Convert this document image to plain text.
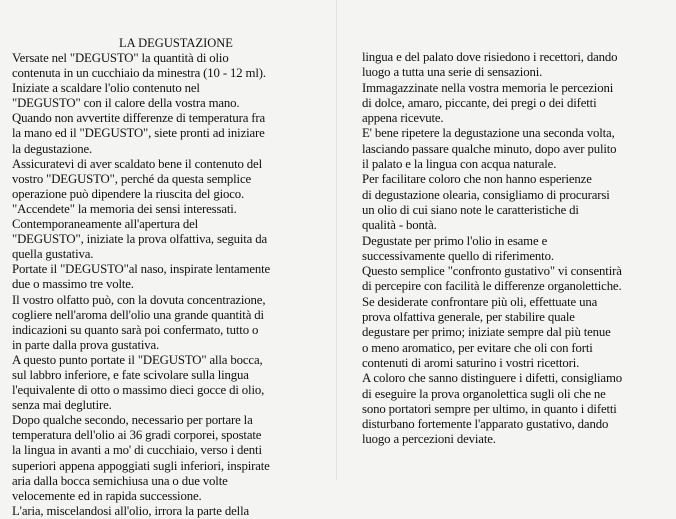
LA DEGUSTAZIONE
Versate nel "DEGUSTO" la quantità di olio
contenuta in un cucchiaio da minestra (10 - 12 ml).
Iniziate a scaldare l'olio contenuto nel
"DEGUSTO" con il calore della vostra mano.
Quando non avvertite differenze di temperatura fra
la mano ed il "DEGUSTO", siete pronti ad iniziare
la degustazione.
Assicuratevi di aver scaldato bene il contenuto del
vostro "DEGUSTO", perché da questa semplice
operazione può dipendere la riuscita del gioco.
"Accendete" la memoria dei sensi interessati.
Contemporaneamente all'apertura del
"DEGUSTO", iniziate la prova olfattiva, seguita da
quella gustativa.
Portate il "DEGUSTO"al naso, inspirate lentamente
due o massimo tre volte.
Il vostro olfatto può, con la dovuta concentrazione,
cogliere nell'aroma dell'olio una grande quantità di
indicazioni su quanto sarà poi confermato, tutto o
in parte dalla prova gustativa.
A questo punto portate il "DEGUSTO" alla bocca,
sul labbro inferiore, e fate scivolare sulla lingua
l'equivalente di otto o massimo dieci gocce di olio,
senza mai deglutire.
Dopo qualche secondo, necessario per portare la
temperatura dell'olio ai 36 gradi corporei, spostate
la lingua in avanti a mo' di cucchiaio, verso i denti
superiori appena appoggiati sugli inferiori, inspirate
aria dalla bocca semichiusa una o due volte
velocemente ed in rapida successione.
L'aria, miscelandosi all'olio, irrora la parte della
lingua e del palato dove risiedono i recettori, dando
luogo a tutta una serie di sensazioni.
Immagazzinate nella vostra memoria le percezioni
di dolce, amaro, piccante, dei pregi o dei difetti
appena ricevute.
E' bene ripetere la degustazione una seconda volta,
lasciando passare qualche minuto, dopo aver pulito
il palato e la lingua con acqua naturale.
Per facilitare coloro che non hanno esperienze
di degustazione olearia, consigliamo di procurarsi
un olio di cui siano note le caratteristiche di
qualità - bontà.
Degustate per primo l'olio in esame e
successivamente quello di riferimento.
Questo semplice "confronto gustativo" vi consentirà
di percepire con facilità le differenze organolettiche.
Se desiderate confrontare più oli, effettuate una
prova olfattiva generale, per stabilire quale
degustare per primo; iniziate sempre dal più tenue
o meno aromatico, per evitare che oli con forti
contenuti di aromi saturino i vostri ricettori.
A coloro che sanno distinguere i difetti, consigliamo
di eseguire la prova organolettica sugli oli che ne
sono portatori sempre per ultimo, in quanto i difetti
disturbano fortemente l'apparato gustativo, dando
luogo a percezioni deviate.
